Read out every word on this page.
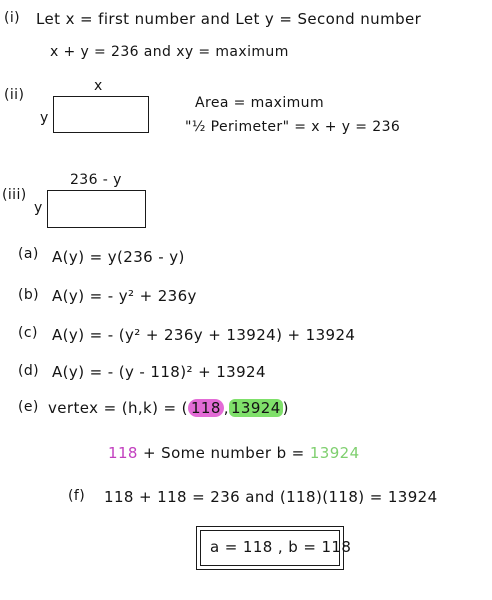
(i) Let x = first number and Let y = Second number
x + y = 236 and xy = maximum
(ii)
x
y
Area = maximum
"½ Perimeter" = x + y = 236
(iii)
236 - y
y
(a) A(y) = y(236 - y)
(b) A(y) = - y² + 236y
(c) A(y) = - (y² + 236y + 13924) + 13924
(d) A(y) = - (y - 118)² + 13924
(e) vertex = (h,k) = ( 118 , 13924 )
118 + Some number b = 13924
(f) 118 + 118 = 236 and (118)(118) = 13924
a = 118 , b = 118
